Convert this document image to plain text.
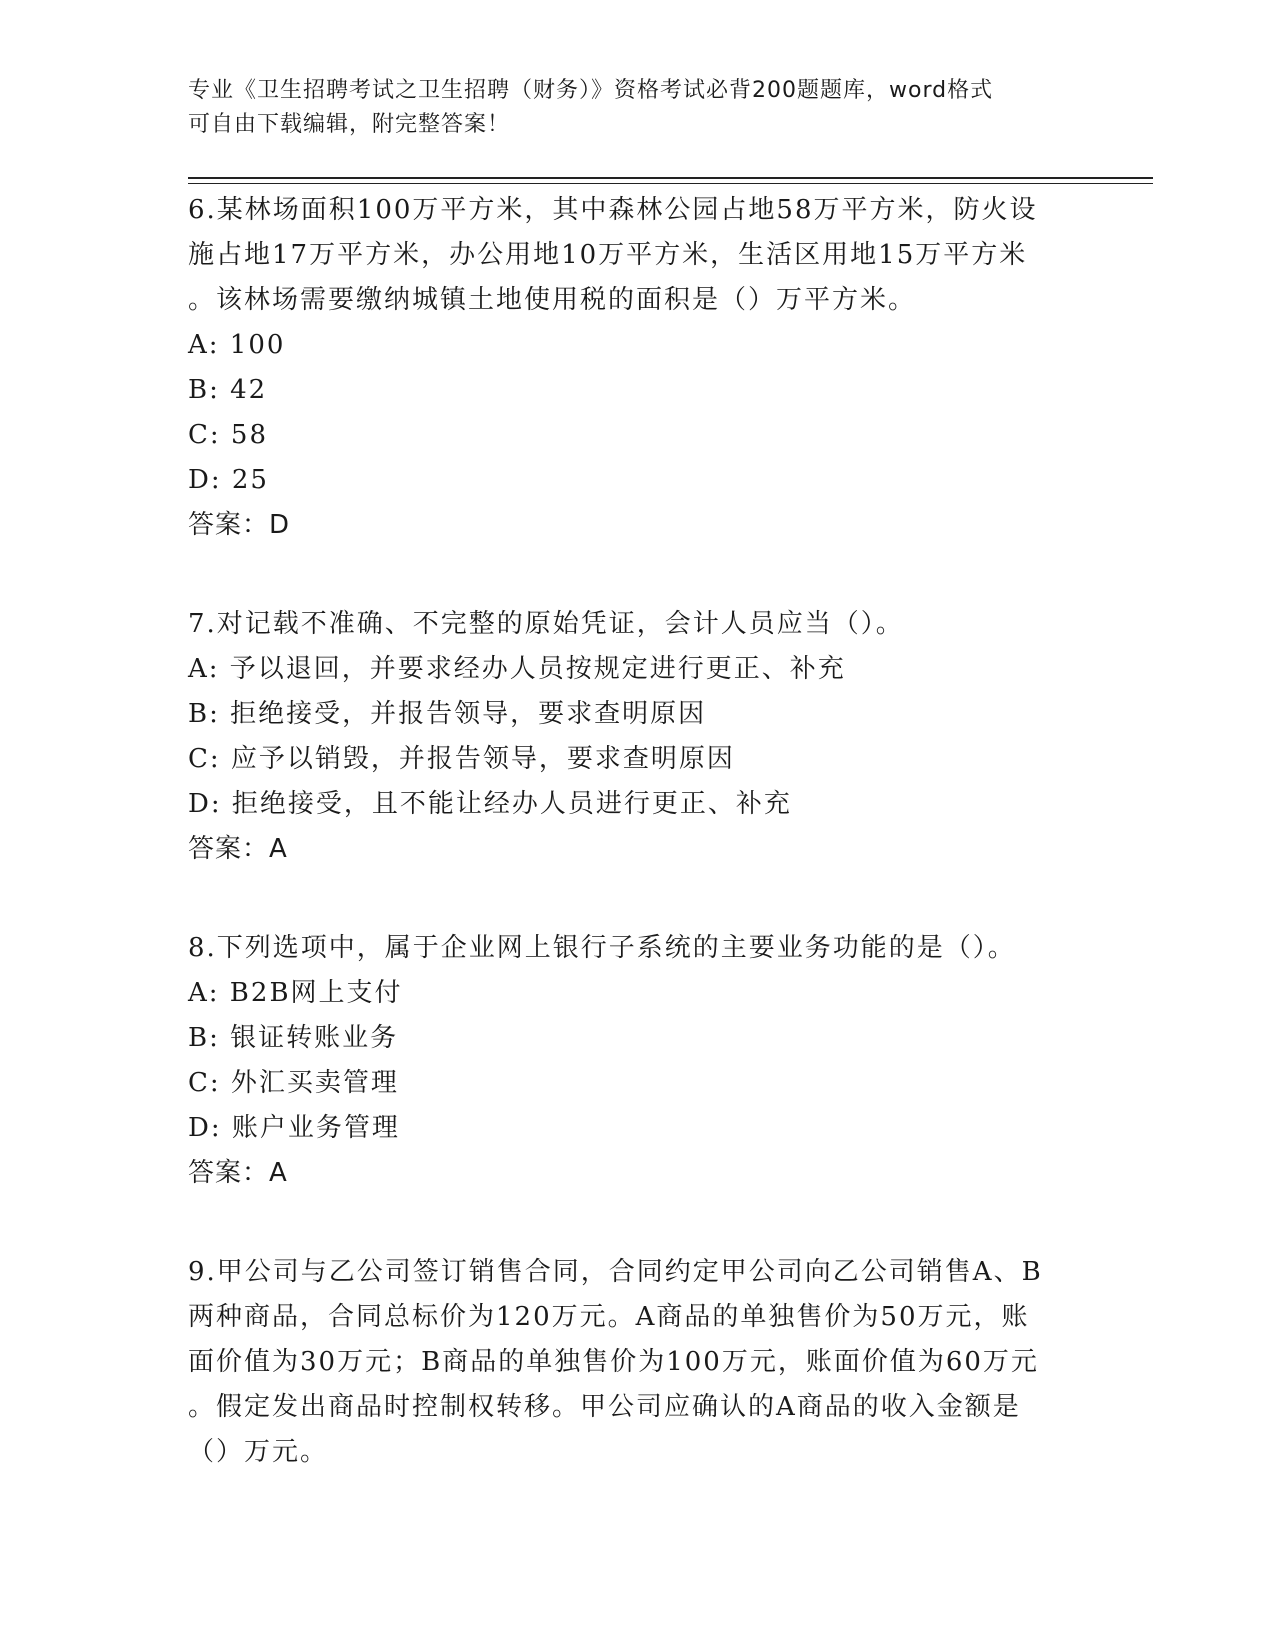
专业《卫生招聘考试之卫生招聘（财务）》资格考试必背200题题库，word格式

可自由下载编辑，附完整答案！

6.某林场面积100万平方米，其中森林公园占地58万平方米，防火设

施占地17万平方米，办公用地10万平方米，生活区用地15万平方米

。该林场需要缴纳城镇土地使用税的面积是（）万平方米。

A: 100

B: 42

C: 58

D: 25

答案：D

7.对记载不准确、不完整的原始凭证，会计人员应当（）。

A: 予以退回，并要求经办人员按规定进行更正、补充

B: 拒绝接受，并报告领导，要求查明原因

C: 应予以销毁，并报告领导，要求查明原因

D: 拒绝接受，且不能让经办人员进行更正、补充

答案：A

8.下列选项中，属于企业网上银行子系统的主要业务功能的是（）。

A: B2B网上支付

B: 银证转账业务

C: 外汇买卖管理

D: 账户业务管理

答案：A

9.甲公司与乙公司签订销售合同，合同约定甲公司向乙公司销售A、B

两种商品，合同总标价为120万元。A商品的单独售价为50万元，账

面价值为30万元；B商品的单独售价为100万元，账面价值为60万元

。假定发出商品时控制权转移。甲公司应确认的A商品的收入金额是

（）万元。
